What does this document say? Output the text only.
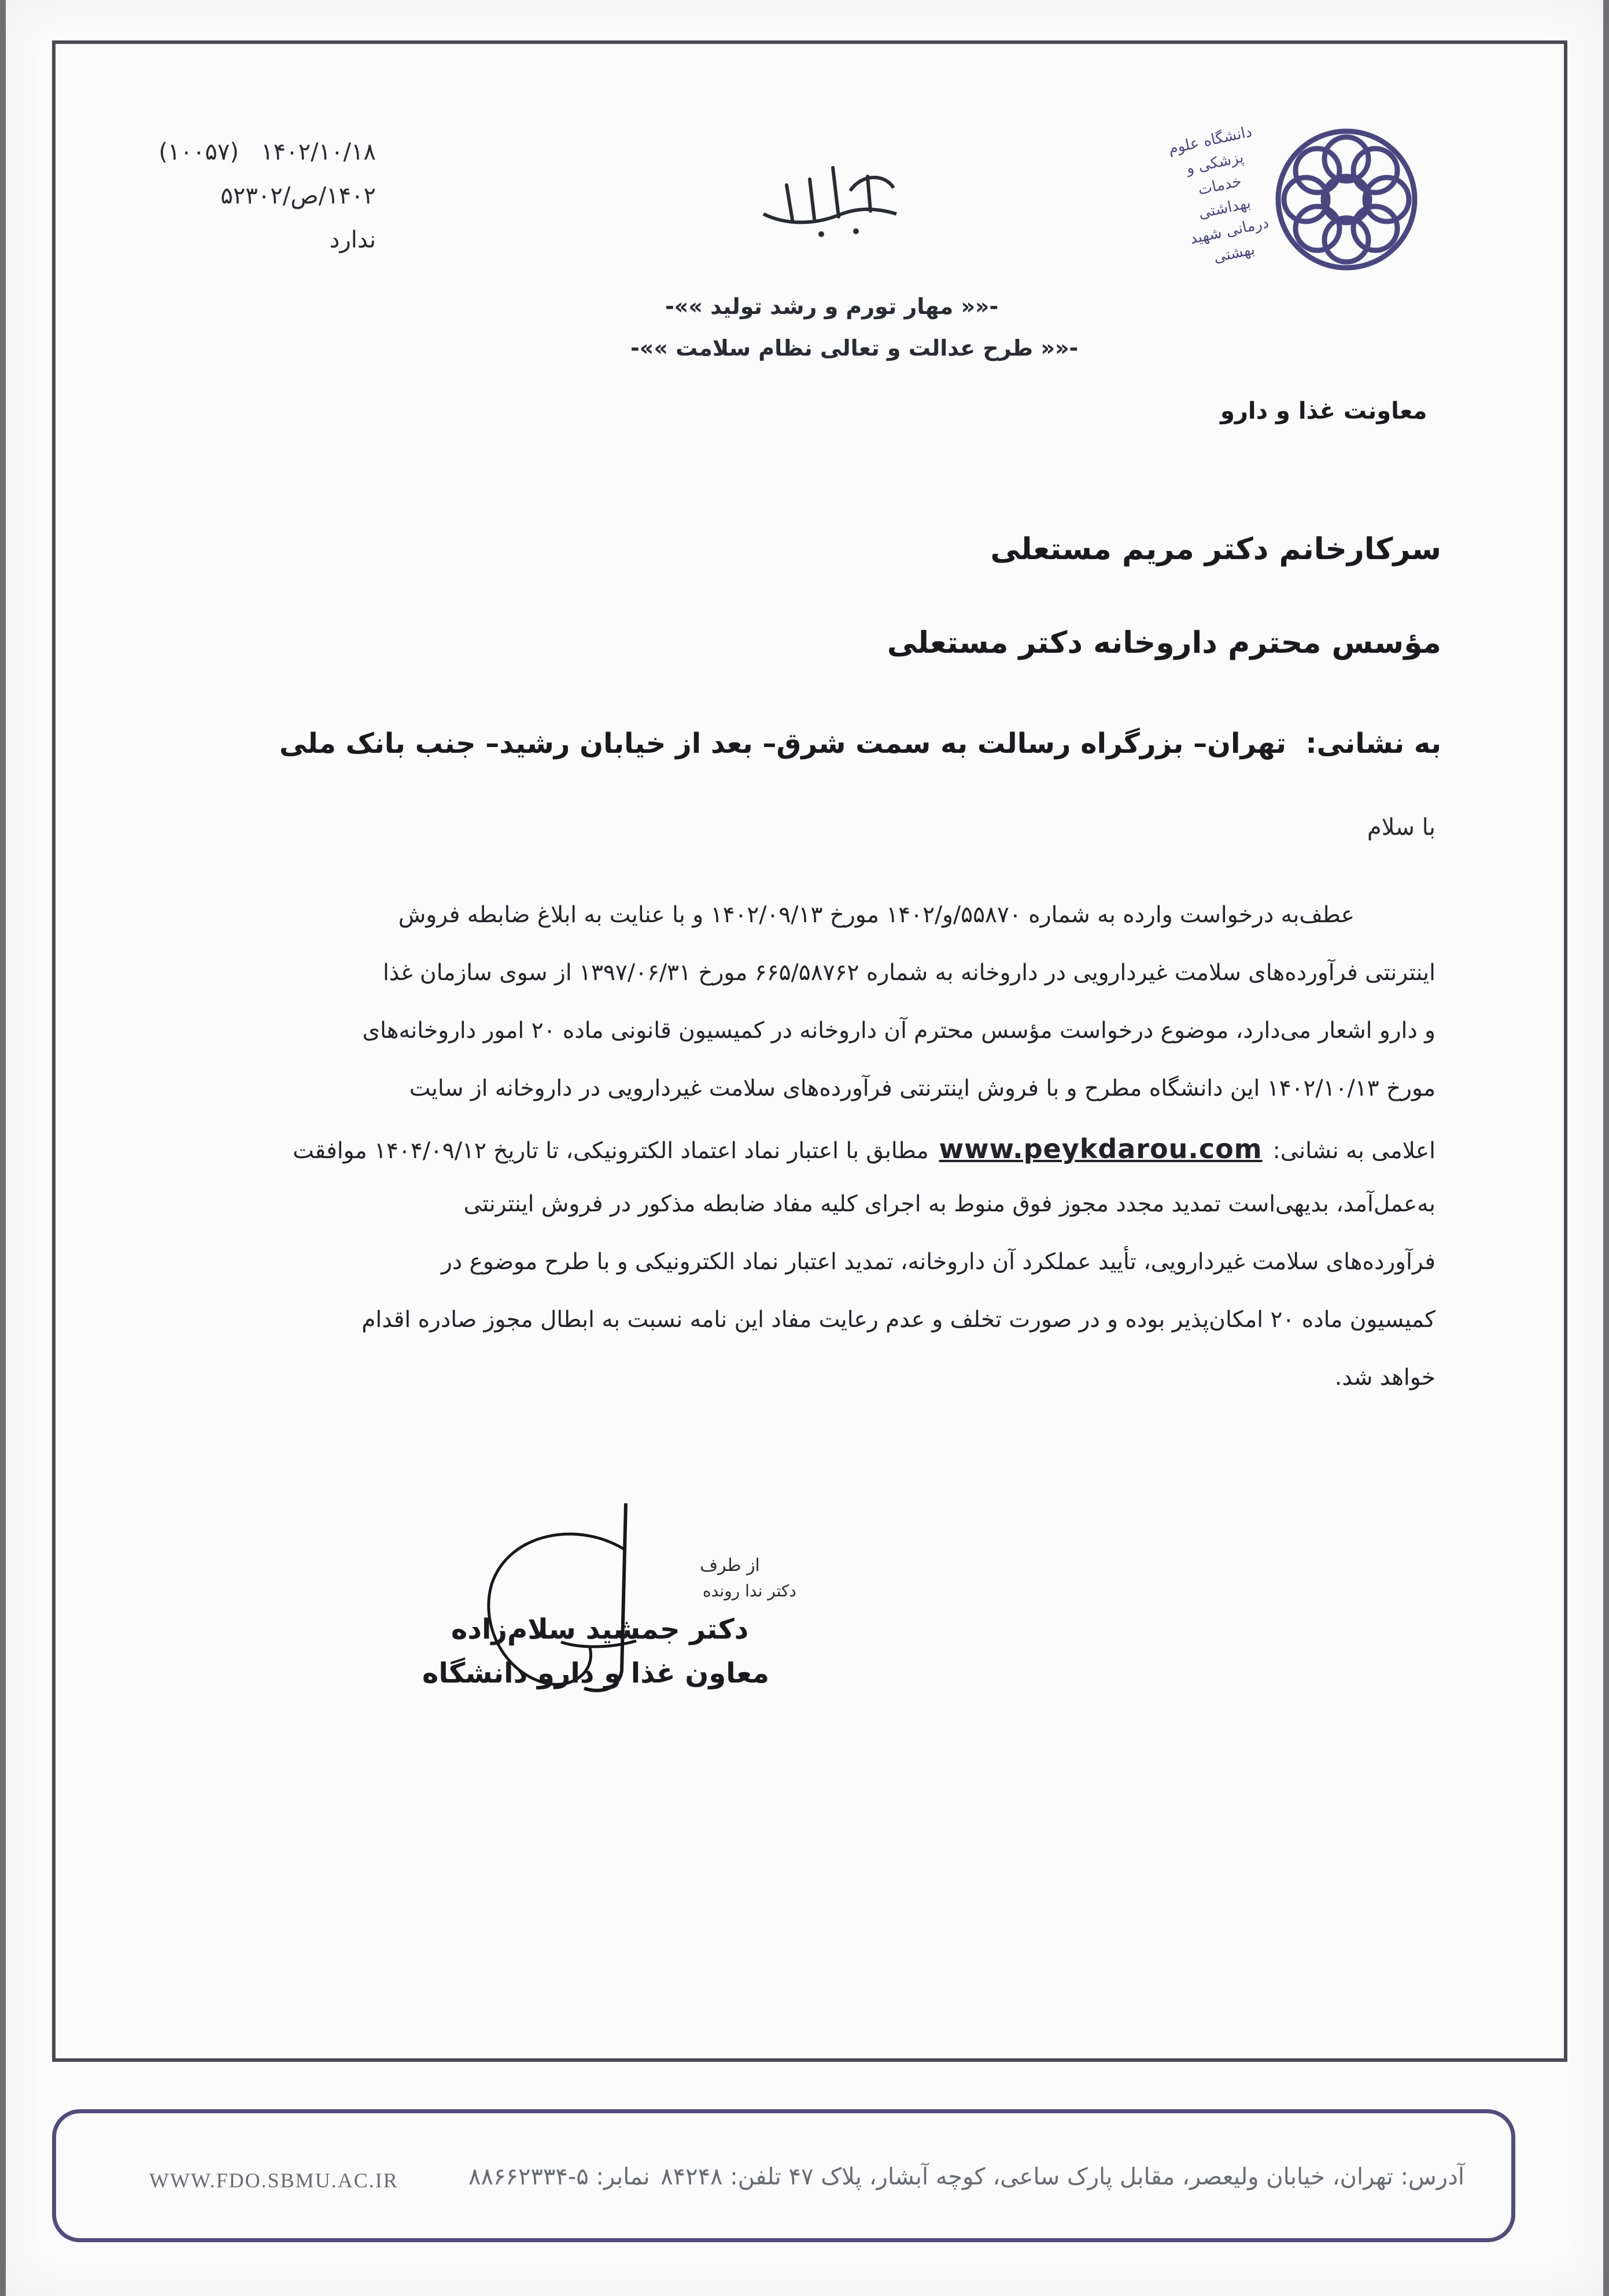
(۱۰۰۵۷) ۱۴۰۲/۱۰/۱۸
۱۴۰۲/ص/۵۲۳۰۲
ندارد
-«« مهار تورم و رشد تولید »»-
-«« طرح عدالت و تعالی نظام سلامت »»-
دانشگاه علوم پزشکی و خدمات بهداشتی درمانی شهید بهشتی
معاونت غذا و دارو
سرکارخانم دکتر مریم مستعلی
مؤسس محترم داروخانه دکتر مستعلی
به نشانی:  تهران– بزرگراه رسالت به سمت شرق– بعد از خیابان رشید– جنب بانک ملی
با سلام
عطف‌به درخواست وارده به شماره ۵۵۸۷۰/و/۱۴۰۲ مورخ ۱۴۰۲/۰۹/۱۳ و با عنایت به ابلاغ ضابطه فروش
اینترنتی فرآورده‌های سلامت غیردارویی در داروخانه به شماره ۶۶۵/۵۸۷۶۲ مورخ ۱۳۹۷/۰۶/۳۱ از سوی سازمان غذا
و دارو اشعار می‌دارد، موضوع درخواست مؤسس محترم آن داروخانه در کمیسیون قانونی ماده ۲۰ امور داروخانه‌های
مورخ ۱۴۰۲/۱۰/۱۳ این دانشگاه مطرح و با فروش اینترنتی فرآورده‌های سلامت غیردارویی در داروخانه از سایت
اعلامی به نشانی:www.peykdarou.comمطابق با اعتبار نماد اعتماد الکترونیکی، تا تاریخ ۱۴۰۴/۰۹/۱۲ موافقت
به‌عمل‌آمد، بدیهی‌است تمدید مجدد مجوز فوق منوط به اجرای کلیه مفاد ضابطه مذکور در فروش اینترنتی
فرآورده‌های سلامت غیردارویی، تأیید عملکرد آن داروخانه، تمدید اعتبار نماد الکترونیکی و با طرح موضوع در
کمیسیون ماده ۲۰ امکان‌پذیر بوده و در صورت تخلف و عدم رعایت مفاد این نامه نسبت به ابطال مجوز صادره اقدام
خواهد شد.
از طرف
دکتر ندا رونده
دکتر جمشید سلام‌زاده
معاون غذا و دارو دانشگاه
آدرس: تهران، خیابان ولیعصر، مقابل پارک ساعی، کوچه آبشار، پلاک ۴۷ تلفن: ۸۴۲۴۸
نمابر: ۵-۸۸۶۶۲۳۳۴
WWW.FDO.SBMU.AC.IR
